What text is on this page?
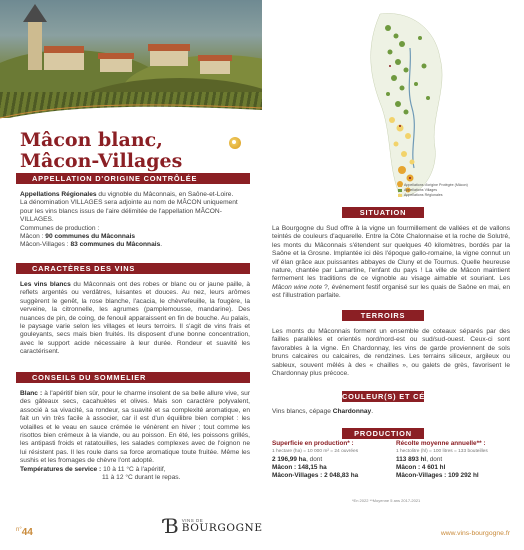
Mâcon blanc,
Mâcon-Villages
APPELLATION D'ORIGINE CONTRÔLÉE

Appellations Régionales du vignoble du Mâconnais, en Saône-et-Loire.

La dénomination VILLAGES sera adjointe au nom de MÂCON uniquement pour les vins blancs issus de l'aire délimitée de l'appellation MÂCON-VILLAGES.

Communes de production :

Mâcon : 90 communes du Mâconnais

Mâcon-Villages : 83 communes du Mâconnais.

CARACTÈRES DES VINS

Les vins blancs du Mâconnais ont des robes or blanc ou or jaune paille, à reflets argentés ou verdâtres, luisantes et douces. Au nez, leurs arômes suggèrent le genêt, la rose blanche, l'acacia, le chèvrefeuille, la fougère, la verveine, la citronnelle, les agrumes (pamplemousse, mandarine). Des nuances de pin, de coing, de fenouil apparaissent en fin de bouche. Au palais, le paysage varie selon les villages et leurs terroirs. Il s'agit de vins frais et gouleyants, secs mais bien fruités. Ils disposent d'une bonne concentration, avec le support acide nécessaire à leur durée. Rondeur et suavité les caractérisent.

CONSEILS DU SOMMELIER

Blanc : à l'apéritif bien sûr, pour le charme insolent de sa belle allure vive, sur des gâteaux secs, cacahuètes et olives. Mais son caractère polyvalent, associé à sa vivacité, sa rondeur, sa suavité et sa complexité aromatique, en fait un vin très facile à associer, car il est d'un équilibre bien complet : les volailles et le veau en sauce crémée le vénèrent en hiver ; tout comme les risottos bien crémeux à la viande, ou au poisson. En été, les poissons grillés, les antipasti froids et ratatouilles, les salades complexes avec de l'oignon ne lui résistent pas. Il les roule dans sa force aromatique toute fruitée. Même les sushis et les fromages de chèvre l'ont adopté.

Températures de service : 10 à 11 °C à l'apéritif,

11 à 12 °C durant le repas.

Appellations d'origine Protégée (Mâcon)
Appellations Villages
Appellations Régionales
SITUATION

La Bourgogne du Sud offre à la vigne un fourmillement de vallées et de vallons teintés de couleurs d'aquarelle. Entre la Côte Chalonnaise et la roche de Solutré, les monts du Mâconnais s'étendent sur quelques 40 kilomètres, bordés par la Saône et la Grosne. Implantée ici dès l'époque gallo-romaine, la vigne connut un vif élan grâce aux puissantes abbayes de Cluny et de Tournus. Quelle heureuse nature, chantée par Lamartine, l'enfant du pays ! La ville de Mâcon maintient fermement les traditions de ce vignoble au visage aimable et souriant. Les Mâcon wine note ?, événement festif organisé sur les quais de Saône en mai, en est l'illustration parfaite.

TERROIRS
Les monts du Mâconnais forment un ensemble de coteaux séparés par des failles parallèles et orientés nord/nord-est ou sud/sud-ouest. Ceux-ci sont favorables à la vigne. En Chardonnay, les vins de garde proviennent de sols bruns calcaires ou calcaires, de rendzines. Les terrains siliceux, argileux ou sableux, souvent mêlés à des « chailles », ou galets de grès, favorisent le Chardonnay plus précoce.
COULEUR(S) ET CÉPAGE(S)
Vins blancs, cépage Chardonnay.
PRODUCTION
Superficie en production* :
1 hectare (ha) = 10 000 m² = 24 ouvrées
2 196,99 ha, dont
Mâcon : 148,15 ha
Mâcon-Villages : 2 048,83 ha
Récolte moyenne annuelle** :
1 hectolitre (hl) = 100 litres = 133 bouteilles
113 893 hl, dont
Mâcon : 4 601 hl
Mâcon-Villages : 109 292 hl
*En 2022 **Moyenne 5 ans 2017-2021
$^{n^\circ}$44	Ɓ VINS DE
BOURGOGNE	www.vins-bourgogne.fr
